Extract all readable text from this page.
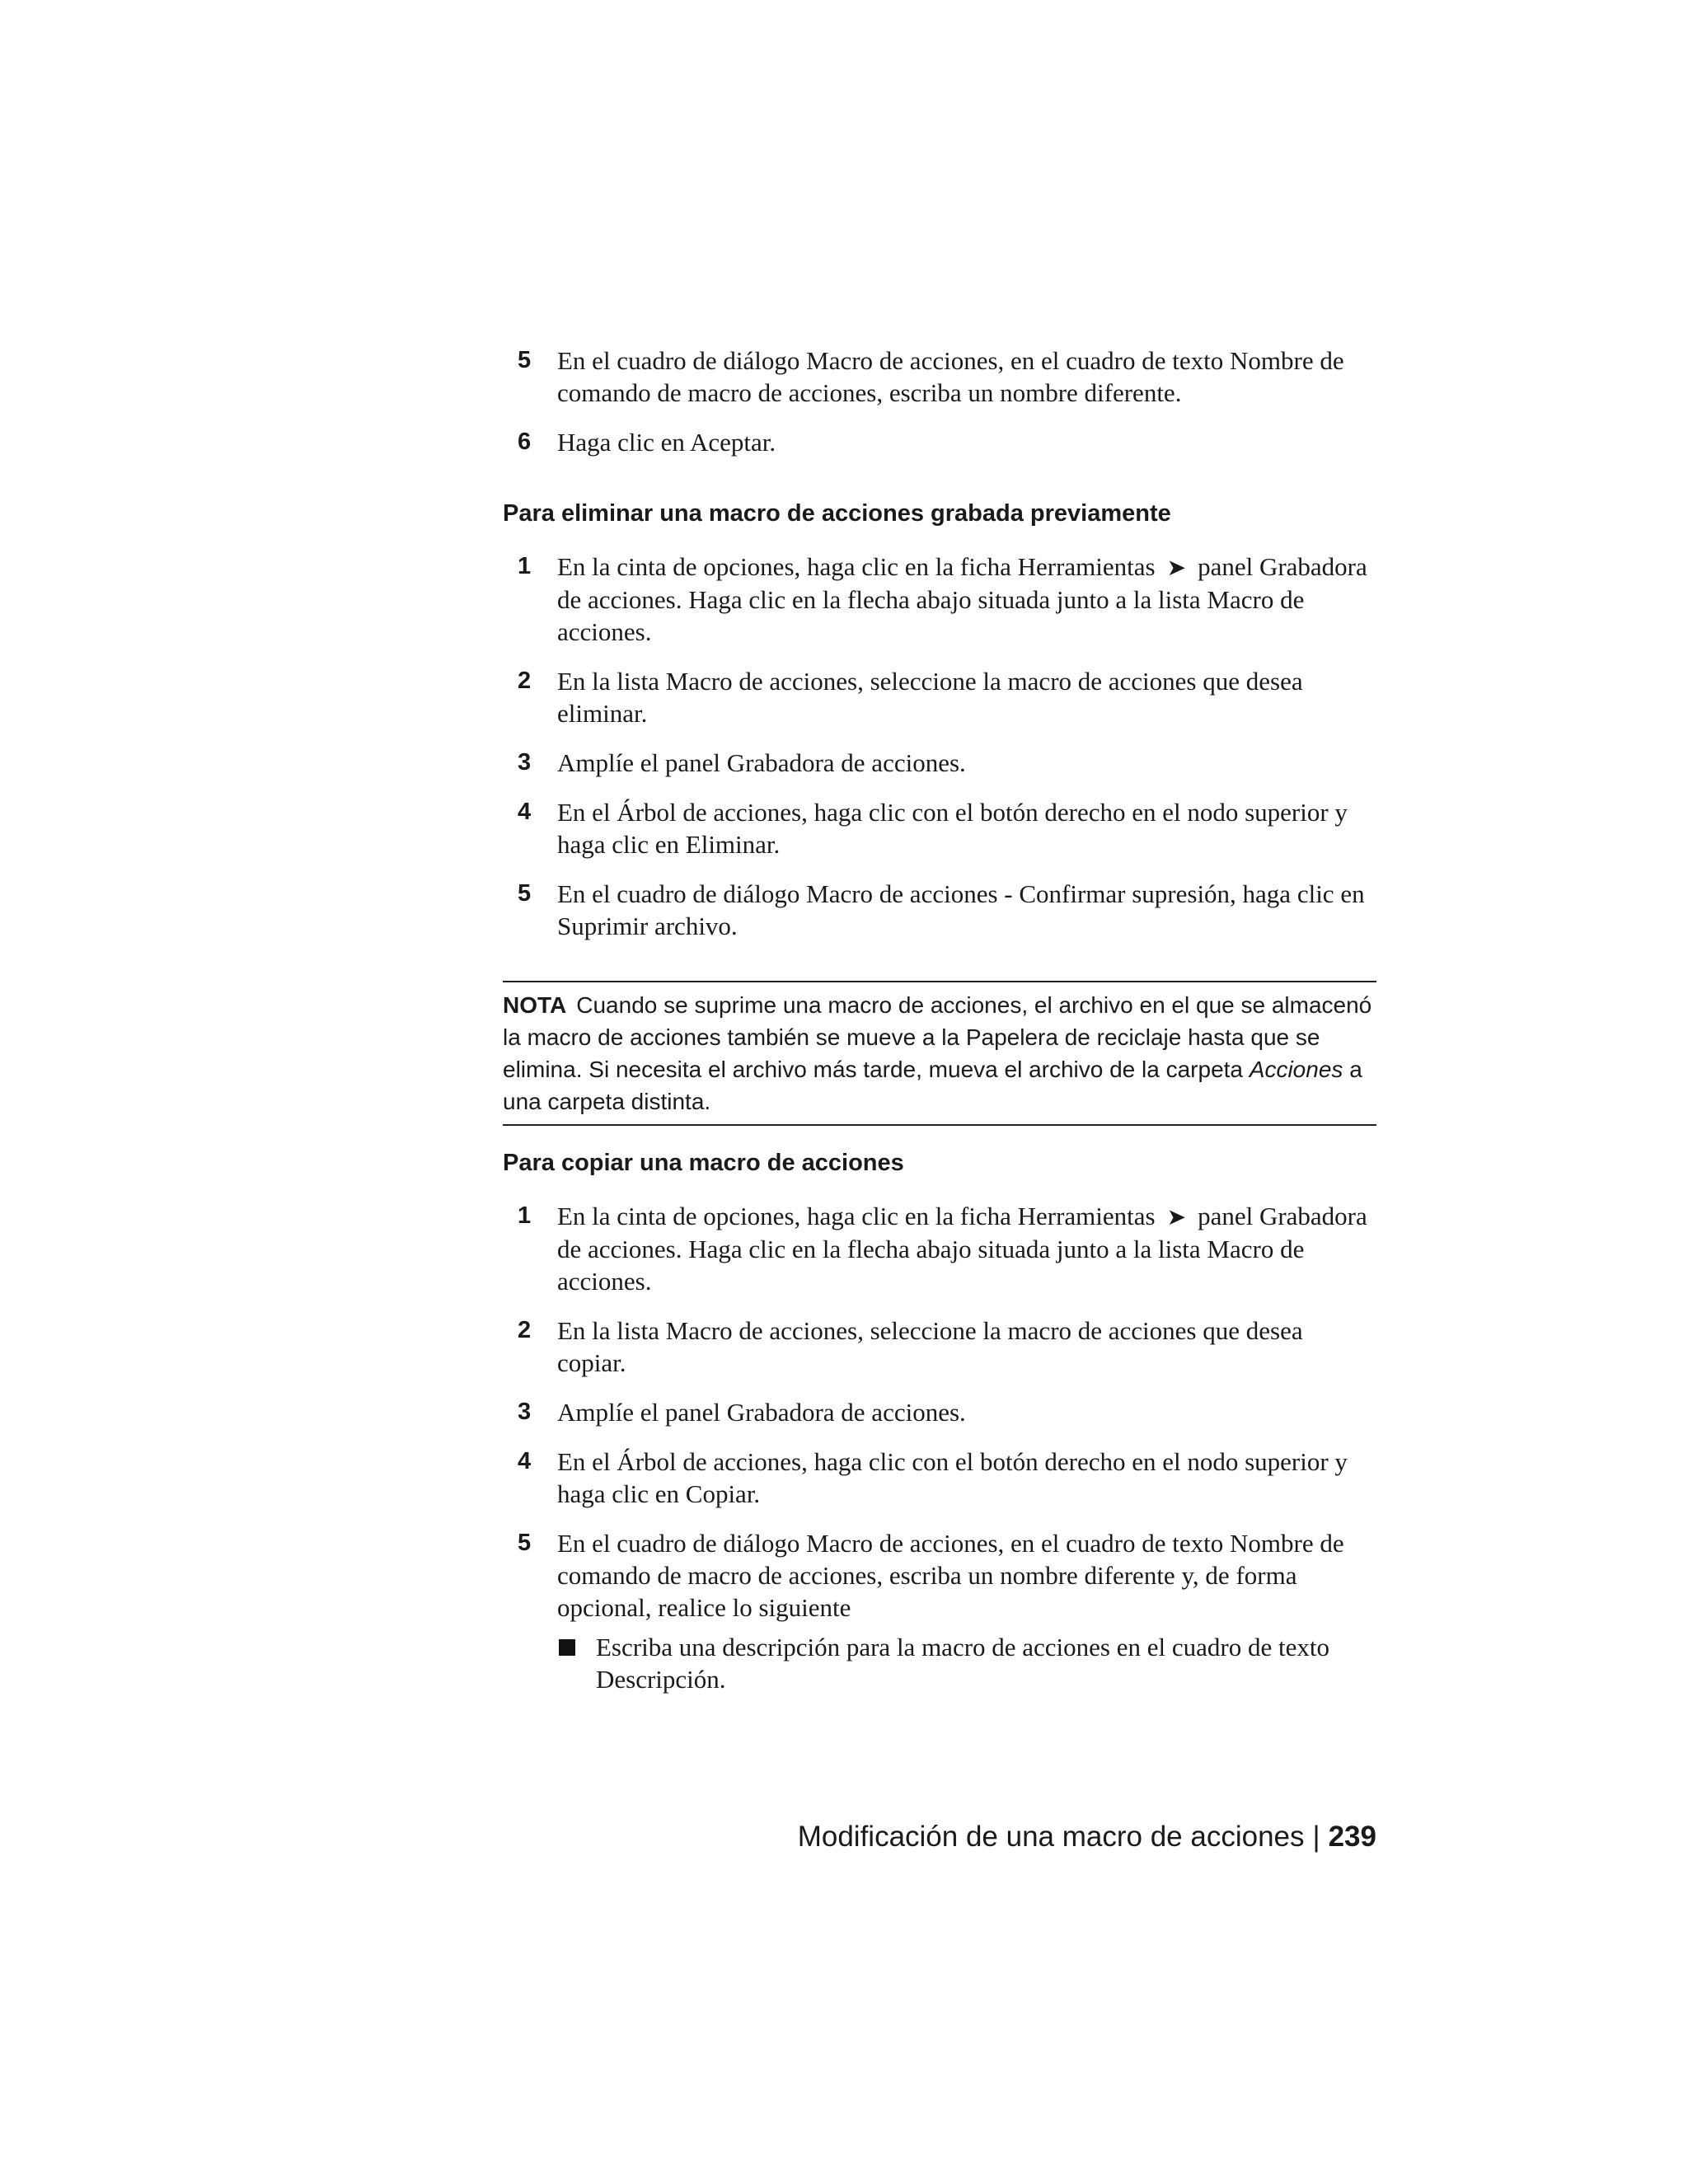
5 En el cuadro de diálogo Macro de acciones, en el cuadro de texto Nombre de comando de macro de acciones, escriba un nombre diferente.

6 Haga clic en Aceptar.

Para eliminar una macro de acciones grabada previamente

1 En la cinta de opciones, haga clic en la ficha Herramientas ➤ panel Grabadora de acciones. Haga clic en la flecha abajo situada junto a la lista Macro de acciones.

2 En la lista Macro de acciones, seleccione la macro de acciones que desea eliminar.

3 Amplíe el panel Grabadora de acciones.

4 En el Árbol de acciones, haga clic con el botón derecho en el nodo superior y haga clic en Eliminar.

5 En el cuadro de diálogo Macro de acciones - Confirmar supresión, haga clic en Suprimir archivo.

NOTA Cuando se suprime una macro de acciones, el archivo en el que se almacenó la macro de acciones también se mueve a la Papelera de reciclaje hasta que se elimina. Si necesita el archivo más tarde, mueva el archivo de la carpeta Acciones a una carpeta distinta.

Para copiar una macro de acciones

1 En la cinta de opciones, haga clic en la ficha Herramientas ➤ panel Grabadora de acciones. Haga clic en la flecha abajo situada junto a la lista Macro de acciones.

2 En la lista Macro de acciones, seleccione la macro de acciones que desea copiar.

3 Amplíe el panel Grabadora de acciones.

4 En el Árbol de acciones, haga clic con el botón derecho en el nodo superior y haga clic en Copiar.

5 En el cuadro de diálogo Macro de acciones, en el cuadro de texto Nombre de comando de macro de acciones, escriba un nombre diferente y, de forma opcional, realice lo siguiente

Escriba una descripción para la macro de acciones en el cuadro de texto Descripción.
Modificación de una macro de acciones | 239
